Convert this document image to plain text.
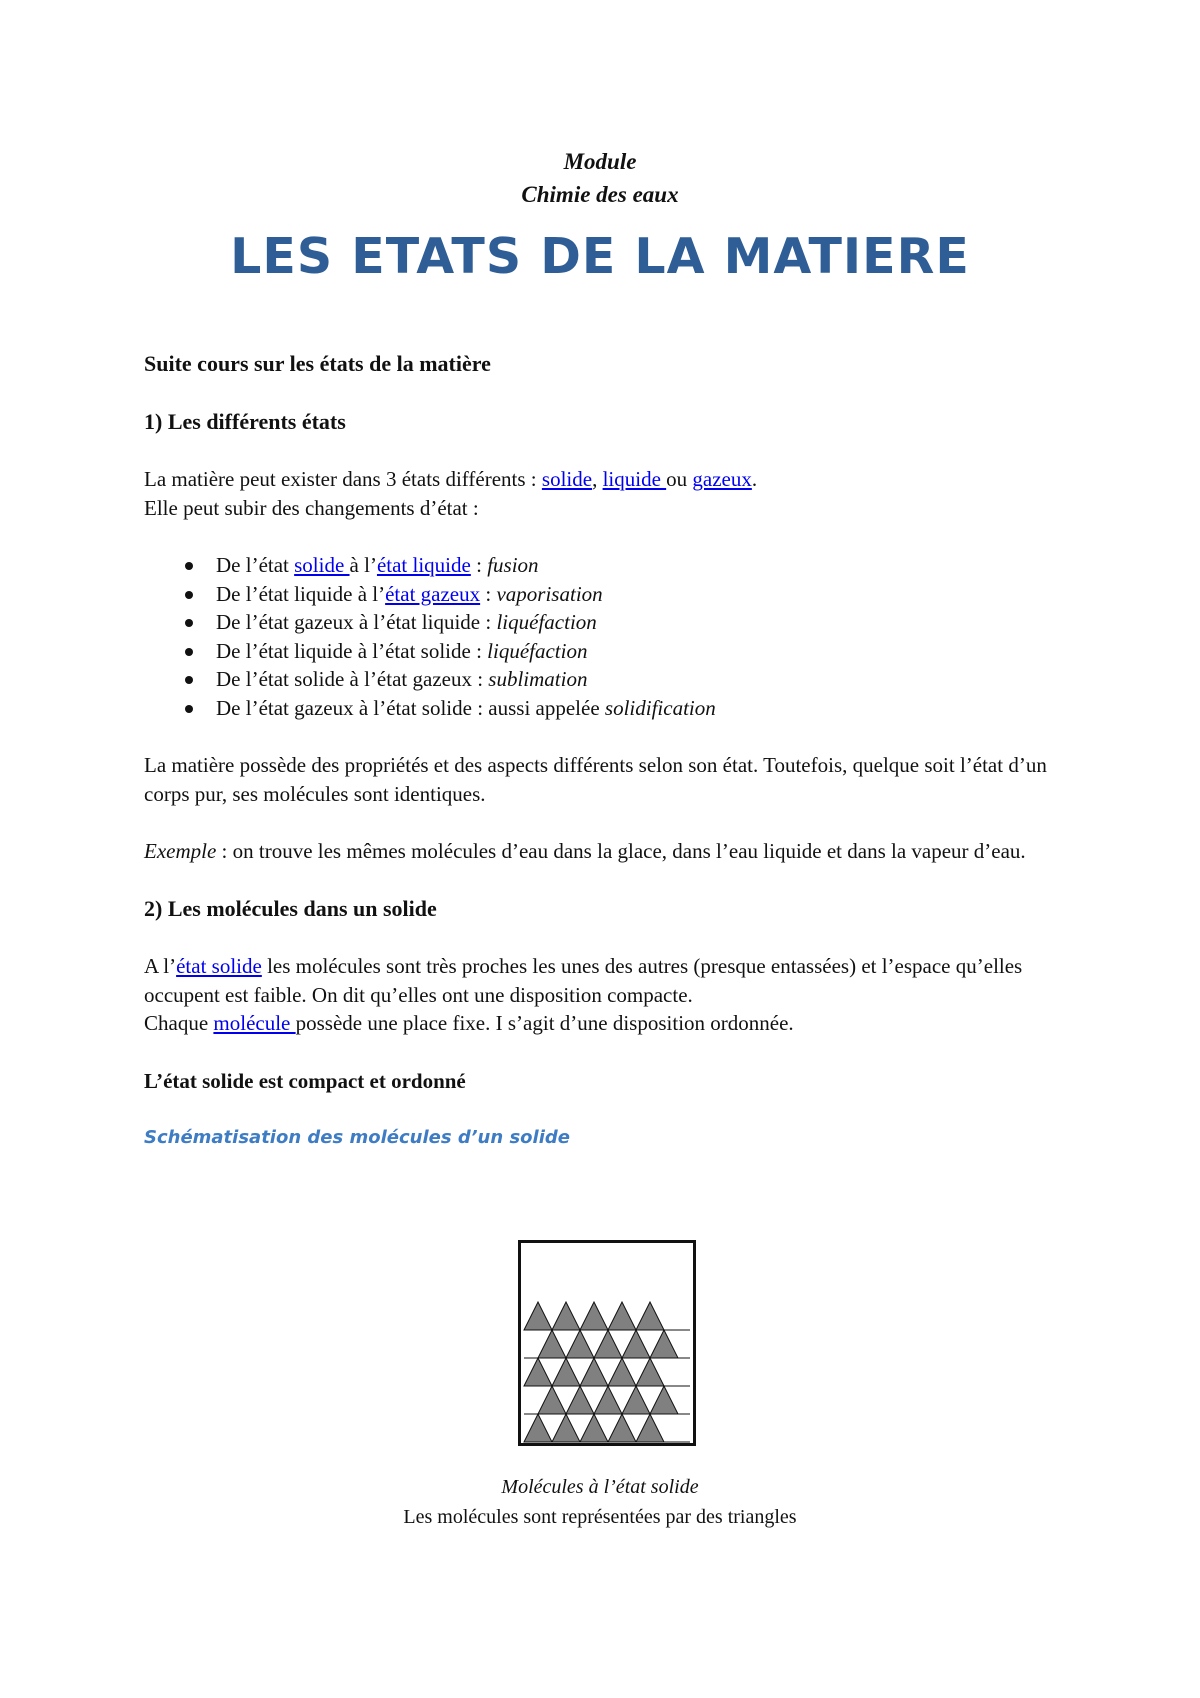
Module
Chimie des eaux
LES ETATS DE LA MATIERE

Suite cours sur les états de la matière

1) Les différents états

La matière peut exister dans 3 états différents : solide, liquide ou gazeux.

Elle peut subir des changements d’état :

De l’état solide à l’état liquide : fusion
De l’état liquide à l’état gazeux : vaporisation
De l’état gazeux à l’état liquide : liquéfaction
De l’état liquide à l’état solide : liquéfaction
De l’état solide à l’état gazeux : sublimation
De l’état gazeux à l’état solide : aussi appelée solidification

La matière possède des propriétés et des aspects différents selon son état. Toutefois, quelque soit l’état d’un corps pur, ses molécules sont identiques.

Exemple : on trouve les mêmes molécules d’eau dans la glace, dans l’eau liquide et dans la vapeur d’eau.

2) Les molécules dans un solide

A l’état solide les molécules sont très proches les unes des autres (presque entassées) et l’espace qu’elles occupent est faible. On dit qu’elles ont une disposition compacte.

Chaque molécule possède une place fixe. I s’agit d’une disposition ordonnée.

L’état solide est compact et ordonné

Schématisation des molécules d’un solide

Molécules à l’état solide
Les molécules sont représentées par des triangles
